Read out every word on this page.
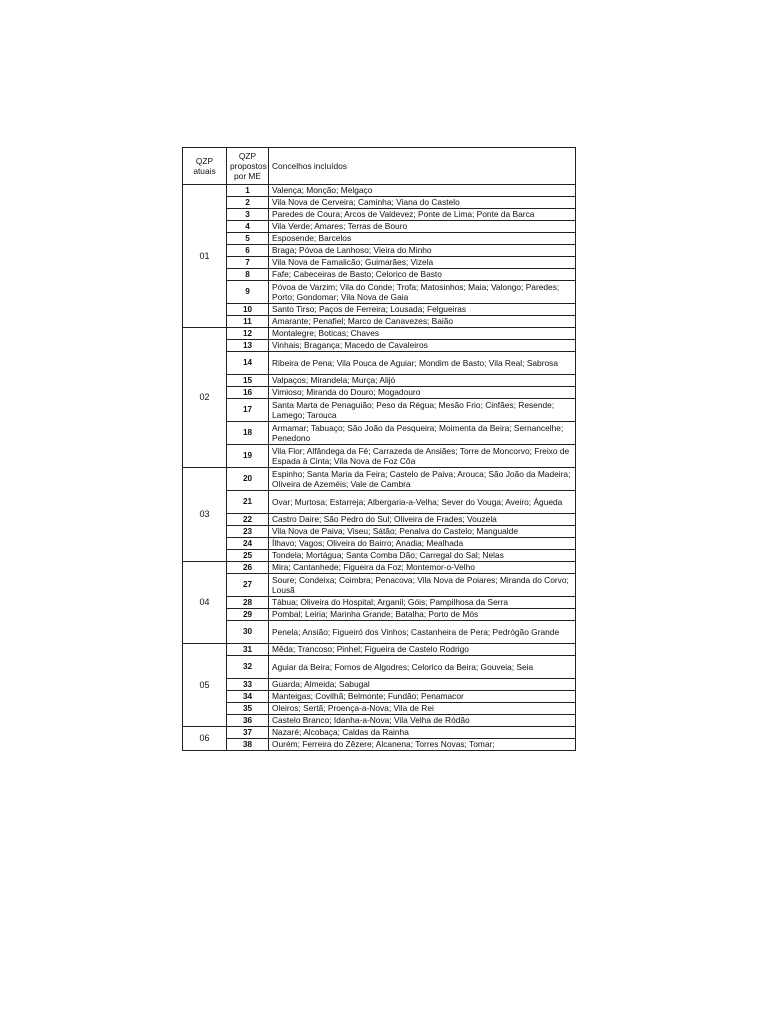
QZP atuais	QZP propostos por ME	Concelhos incluídos
01	1	Valença; Monção; Melgaço
	2	Vila Nova de Cerveira; Caminha; Viana do Castelo
	3	Paredes de Coura; Arcos de Valdevez; Ponte de Lima; Ponte da Barca
	4	Vila Verde; Amares; Terras de Bouro
	5	Esposende; Barcelos
	6	Braga; Póvoa de Lanhoso; Vieira do Minho
	7	Vila Nova de Famalicão; Guimarães; Vizela
	8	Fafe; Cabeceiras de Basto; Celorico de Basto
	9	Póvoa de Varzim; Vila do Conde; Trofa; Matosinhos; Maia; Valongo; Paredes; Porto; Gondomar; Vila Nova de Gaia
	10	Santo Tirso; Paços de Ferreira; Lousada; Felgueiras
	11	Amarante; Penafiel; Marco de Canavezes; Baião
02	12	Montalegre; Boticas; Chaves
	13	Vinhais; Bragança; Macedo de Cavaleiros
	14	Ribeira de Pena; Vila Pouca de Aguiar; Mondim de Basto; Vila Real; Sabrosa
	15	Valpaços; Mirandela; Murça; Alijó
	16	Vimioso; Miranda do Douro; Mogadouro
	17	Santa Marta de Penaguião; Peso da Régua; Mesão Frio; Cinfães; Resende; Lamego; Tarouca
	18	Armamar; Tabuaço; São João da Pesqueira; Moimenta da Beira; Sernancelhe; Penedono
	19	Vila Flor; Alfândega da Fé; Carrazeda de Ansiães; Torre de Moncorvo; Freixo de Espada à Cinta; Vila Nova de Foz Côa
03	20	Espinho; Santa Maria da Feira; Castelo de Paiva; Arouca; São João da Madeira; Oliveira de Azeméis; Vale de Cambra
	21	Ovar; Murtosa; Estarreja; Albergaria-a-Velha; Sever do Vouga; Aveiro; Águeda
	22	Castro Daire; São Pedro do Sul; Oliveira de Frades; Vouzela
	23	Vila Nova de Paiva; Viseu; Sátão; Penalva do Castelo; Mangualde
	24	Ílhavo; Vagos; Oliveira do Bairro; Anadia; Mealhada
	25	Tondela; Mortágua; Santa Comba Dão; Carregal do Sal; Nelas
04	26	Mira; Cantanhede; Figueira da Foz; Montemor-o-Velho
	27	Soure; Condeixa; Coimbra; Penacova; Vila Nova de Poiares; Miranda do Corvo; Lousã
	28	Tábua; Oliveira do Hospital; Arganil; Góis; Pampilhosa da Serra
	29	Pombal; Leiria; Marinha Grande; Batalha; Porto de Mós
	30	Penela; Ansião; Figueiró dos Vinhos; Castanheira de Pera; Pedrógão Grande
05	31	Mêda; Trancoso; Pinhel; Figueira de Castelo Rodrigo
	32	Aguiar da Beira; Fornos de Algodres; Celorico da Beira; Gouveia; Seia
	33	Guarda; Almeida; Sabugal
	34	Manteigas; Covilhã; Belmonte; Fundão; Penamacor
	35	Oleiros; Sertã; Proença-a-Nova; Vila de Rei
	36	Castelo Branco; Idanha-a-Nova; Vila Velha de Ródão
06	37	Nazaré; Alcobaça; Caldas da Rainha
	38	Ourém; Ferreira do Zêzere; Alcanena; Torres Novas; Tomar;
